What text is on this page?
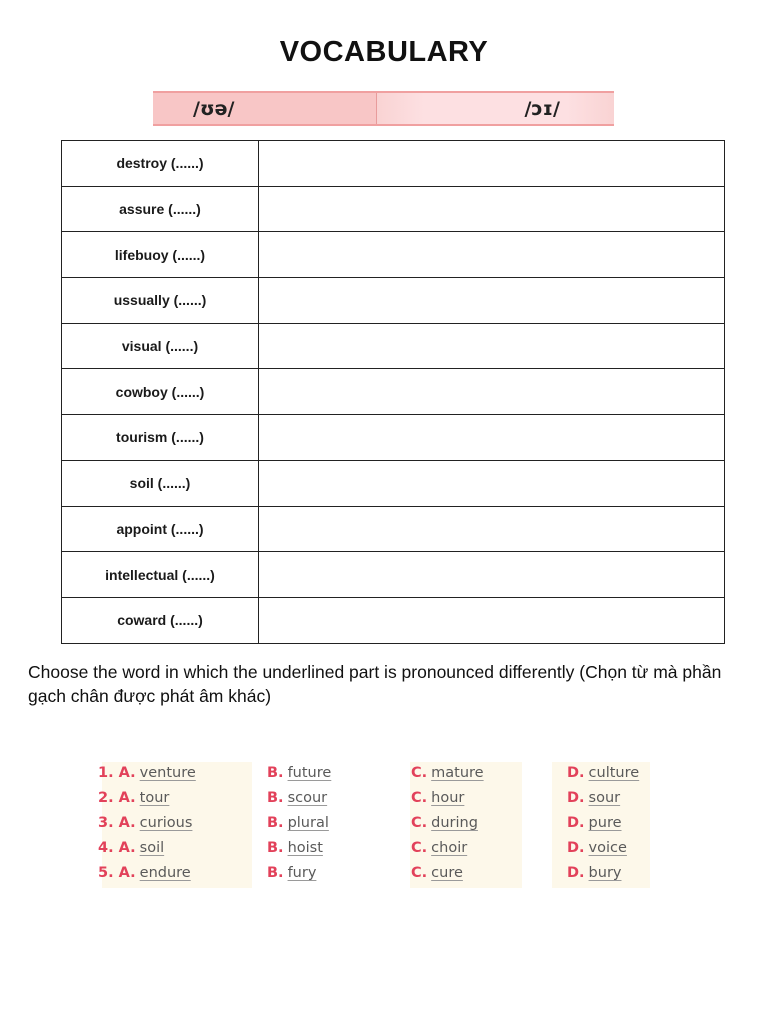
VOCABULARY
/ʊə/	/ɔɪ/
destroy (......)	
assure (......)	
lifebuoy (......)	
ussually (......)	
visual (......)	
cowboy (......)	
tourism (......)	
soil (......)	
appoint (......)	
intellectual (......)	
coward (......)	
Choose the word in which the underlined part is pronounced differently (Chọn từ mà phần gạch chân được phát âm khác)
1. A. venture	B. future	C. mature	D. culture
2. A. tour	B. scour	C. hour	D. sour
3. A. curious	B. plural	C. during	D. pure
4. A. soil	B. hoist	C. choir	D. voice
5. A. endure	B. fury	C. cure	D. bury
